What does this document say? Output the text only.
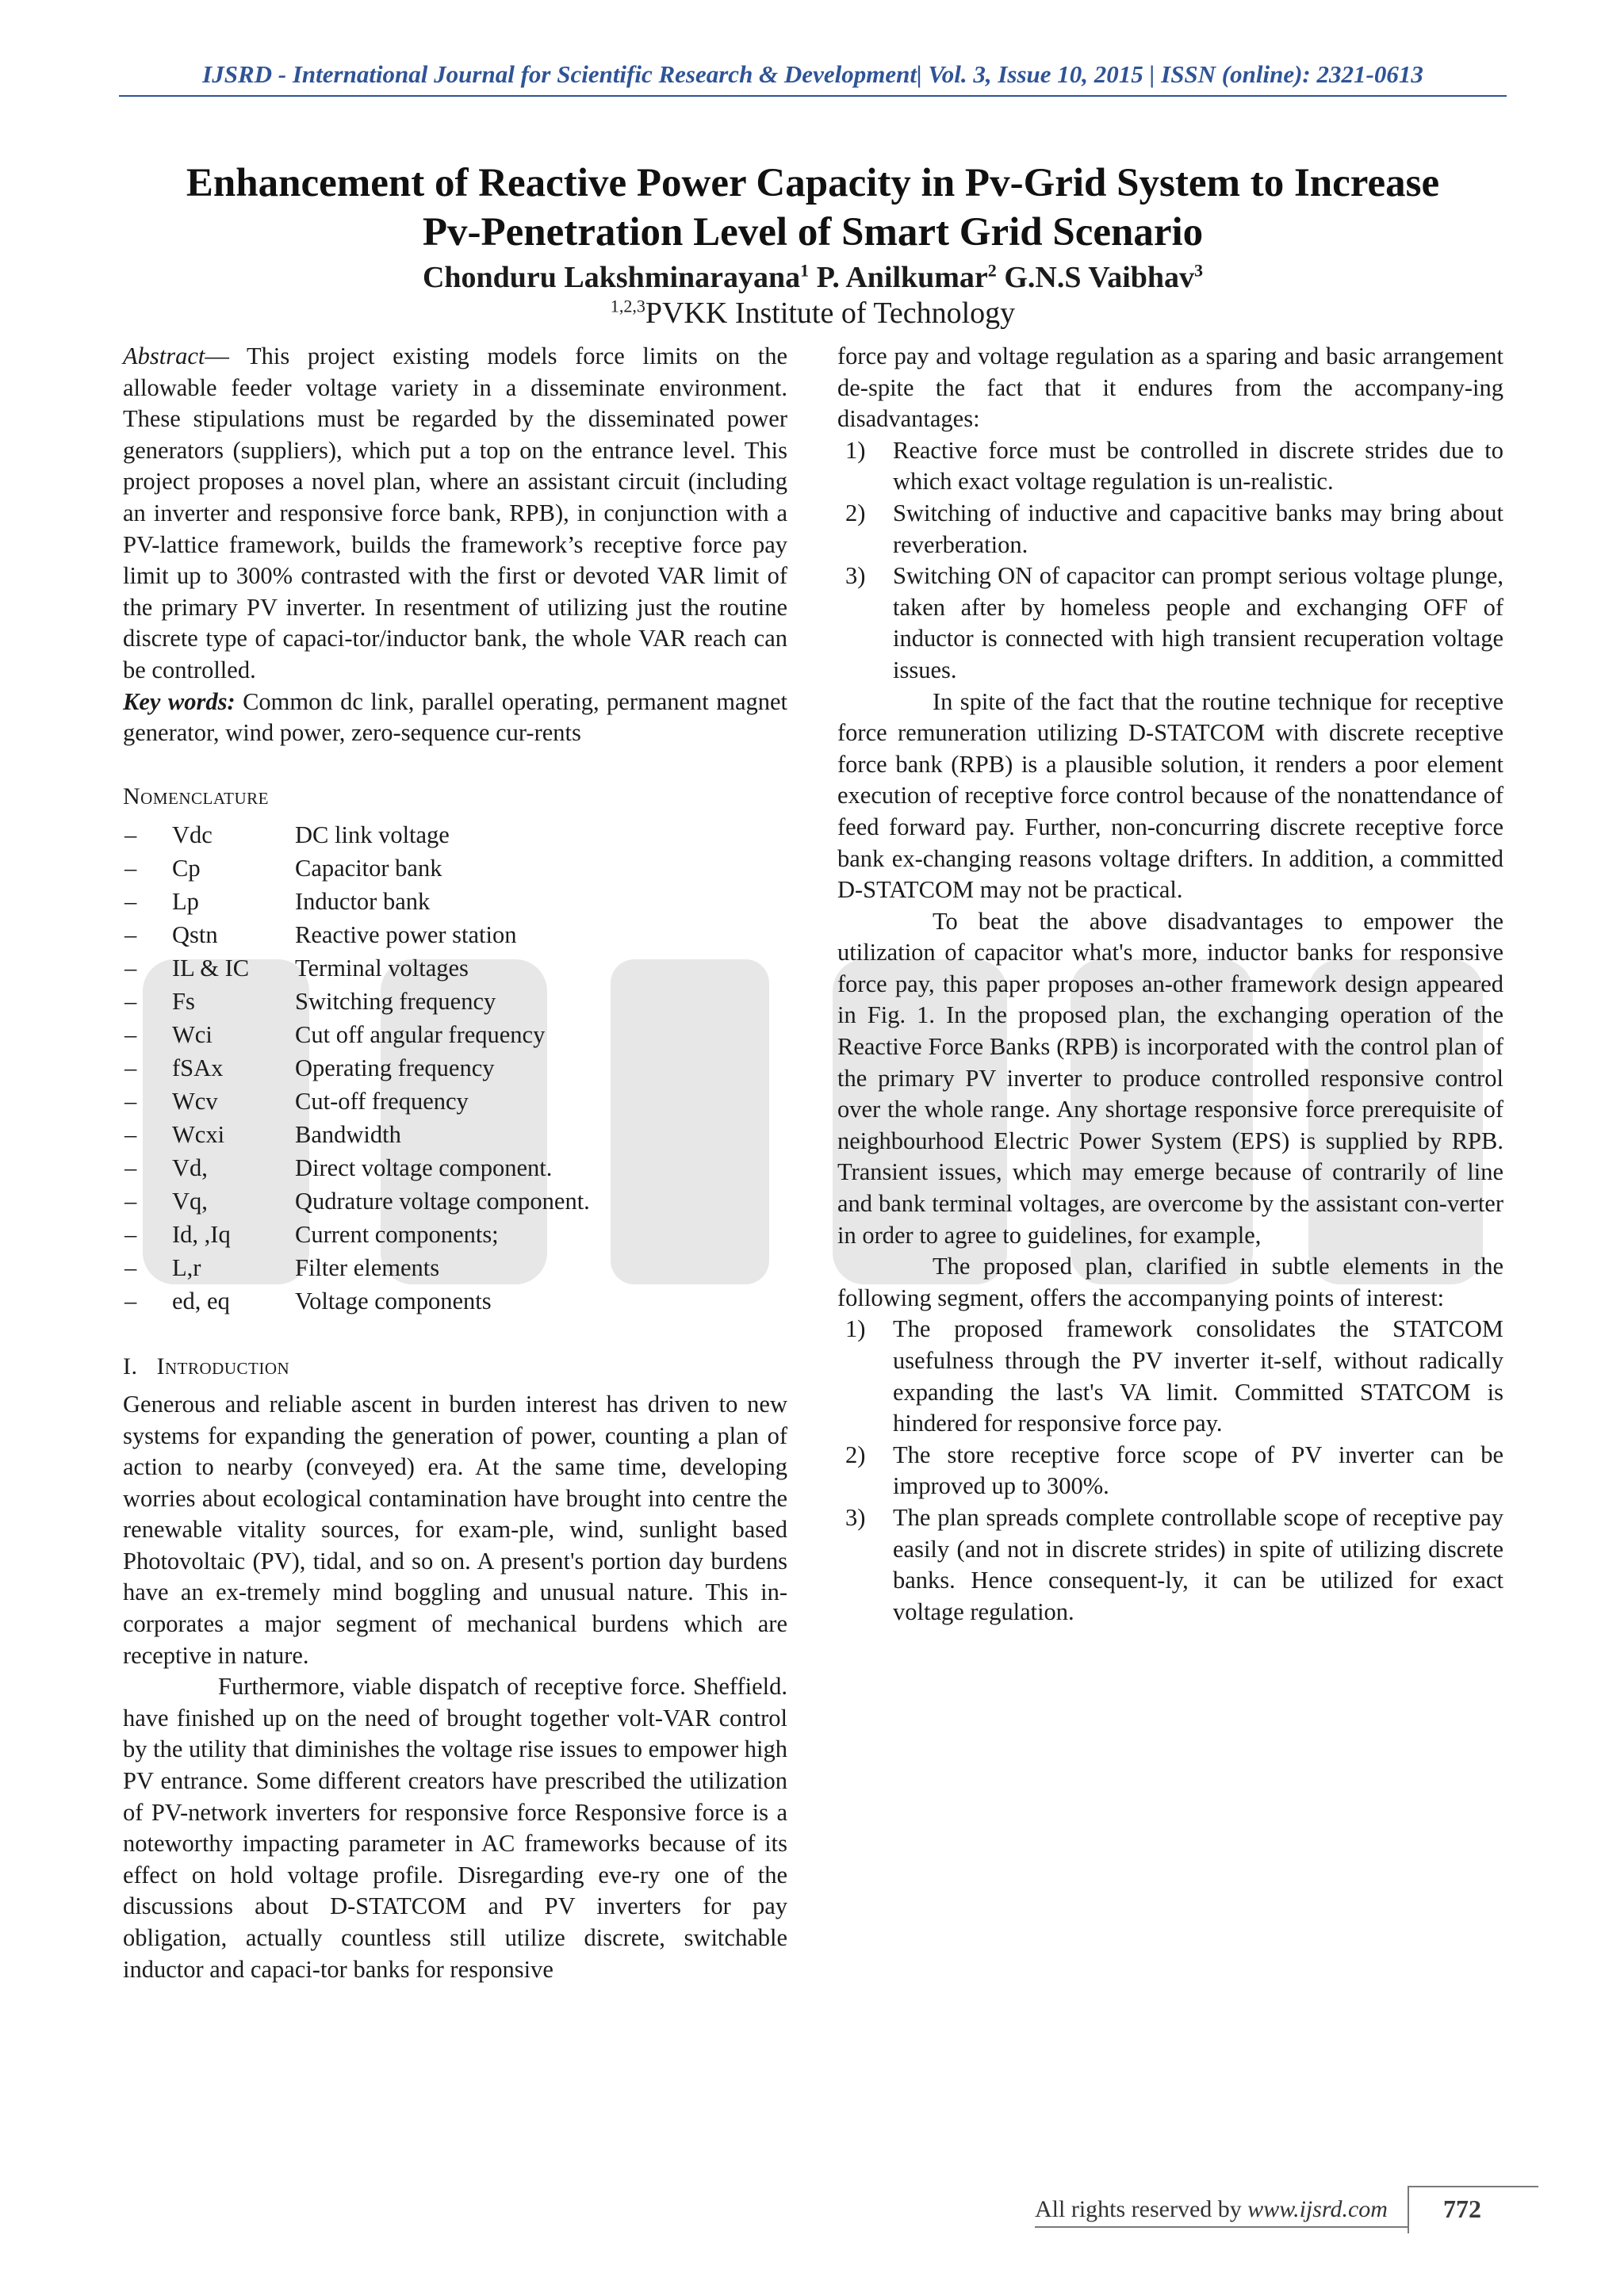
IJSRD - International Journal for Scientific Research & Development| Vol. 3, Issue 10, 2015 | ISSN (online): 2321-0613
Enhancement of Reactive Power Capacity in Pv-Grid System to Increase
Pv-Penetration Level of Smart Grid Scenario
Chonduru Lakshminarayana$^1$ P. Anilkumar$^2$ G.N.S Vaibhav$^3$
$^{1,2,3}$PVKK Institute of Technology

Abstract— This project existing models force limits on the allowable feeder voltage variety in a disseminate environment. These stipulations must be regarded by the disseminated power generators (suppliers), which put a top on the entrance level. This project proposes a novel plan, where an assistant circuit (including an inverter and responsive force bank, RPB), in conjunction with a PV-lattice framework, builds the framework’s receptive force pay limit up to 300% contrasted with the first or devoted VAR limit of the primary PV inverter. In resentment of utilizing just the routine discrete type of capaci-tor/inductor bank, the whole VAR reach can be controlled.

Key words: Common dc link, parallel operating, permanent magnet generator, wind power, zero-sequence cur-rents

Nomenclature

–	Vdc	DC link voltage
–	Cp	Capacitor bank
–	Lp	Inductor bank
–	Qstn	Reactive power station
–	IL & IC	Terminal voltages
–	Fs	Switching frequency
–	Wci	Cut off angular frequency
–	fSAx	Operating frequency
–	Wcv	Cut-off frequency
–	Wcxi	Bandwidth
–	Vd,	Direct voltage component.
–	Vq,	Qudrature voltage component.
–	Id, ,Iq	Current components;
–	L,r	Filter elements
–	ed, eq	Voltage components

I. Introduction

Generous and reliable ascent in burden interest has driven to new systems for expanding the generation of power, counting a plan of action to nearby (conveyed) era. At the same time, developing worries about ecological contamination have brought into centre the renewable vitality sources, for exam-ple, wind, sunlight based Photovoltaic (PV), tidal, and so on. A present's portion day burdens have an ex-tremely mind boggling and unusual nature. This in-corporates a major segment of mechanical burdens which are receptive in nature.

Furthermore, viable dispatch of receptive force. Sheffield. have finished up on the need of brought together volt-VAR control by the utility that diminishes the voltage rise issues to empower high PV entrance. Some different creators have prescribed the utilization of PV-network inverters for responsive force Responsive force is a noteworthy impacting parameter in AC frameworks because of its effect on hold voltage profile. Disregarding eve-ry one of the discussions about D-STATCOM and PV inverters for pay obligation, actually countless still utilize discrete, switchable inductor and capaci-tor banks for responsive

force pay and voltage regulation as a sparing and basic arrangement de-spite the fact that it endures from the accompany-ing disadvantages:

1)	Reactive force must be controlled in discrete strides due to which exact voltage regulation is un-realistic.
2)	Switching of inductive and capacitive banks may bring about reverberation.
3)	Switching ON of capacitor can prompt serious voltage plunge, taken after by homeless people and exchanging OFF of inductor is connected with high transient recuperation voltage issues.

In spite of the fact that the routine technique for receptive force remuneration utilizing D-STATCOM with discrete receptive force bank (RPB) is a plausible solution, it renders a poor element execution of receptive force control because of the nonattendance of feed forward pay. Further, non-concurring discrete receptive force bank ex-changing reasons voltage drifters. In addition, a committed D-STATCOM may not be practical.

To beat the above disadvantages to empower the utilization of capacitor what's more, inductor banks for responsive force pay, this paper proposes an-other framework design appeared in Fig. 1. In the proposed plan, the exchanging operation of the Reactive Force Banks (RPB) is incorporated with the control plan of the primary PV inverter to produce controlled responsive control over the whole range. Any shortage responsive force prerequisite of neighbourhood Electric Power System (EPS) is supplied by RPB. Transient issues, which may emerge because of contrarily of line and bank terminal voltages, are overcome by the assistant con-verter in order to agree to guidelines, for example,

The proposed plan, clarified in subtle elements in the following segment, offers the accompanying points of interest:

1)	The proposed framework consolidates the STATCOM usefulness through the PV inverter it-self, without radically expanding the last's VA limit. Committed STATCOM is hindered for responsive force pay.
2)	The store receptive force scope of PV inverter can be improved up to 300%.
3)	The plan spreads complete controllable scope of receptive pay easily (and not in discrete strides) in spite of utilizing discrete banks. Hence consequent-ly, it can be utilized for exact voltage regulation.
All rights reserved by www.ijsrd.com 772
